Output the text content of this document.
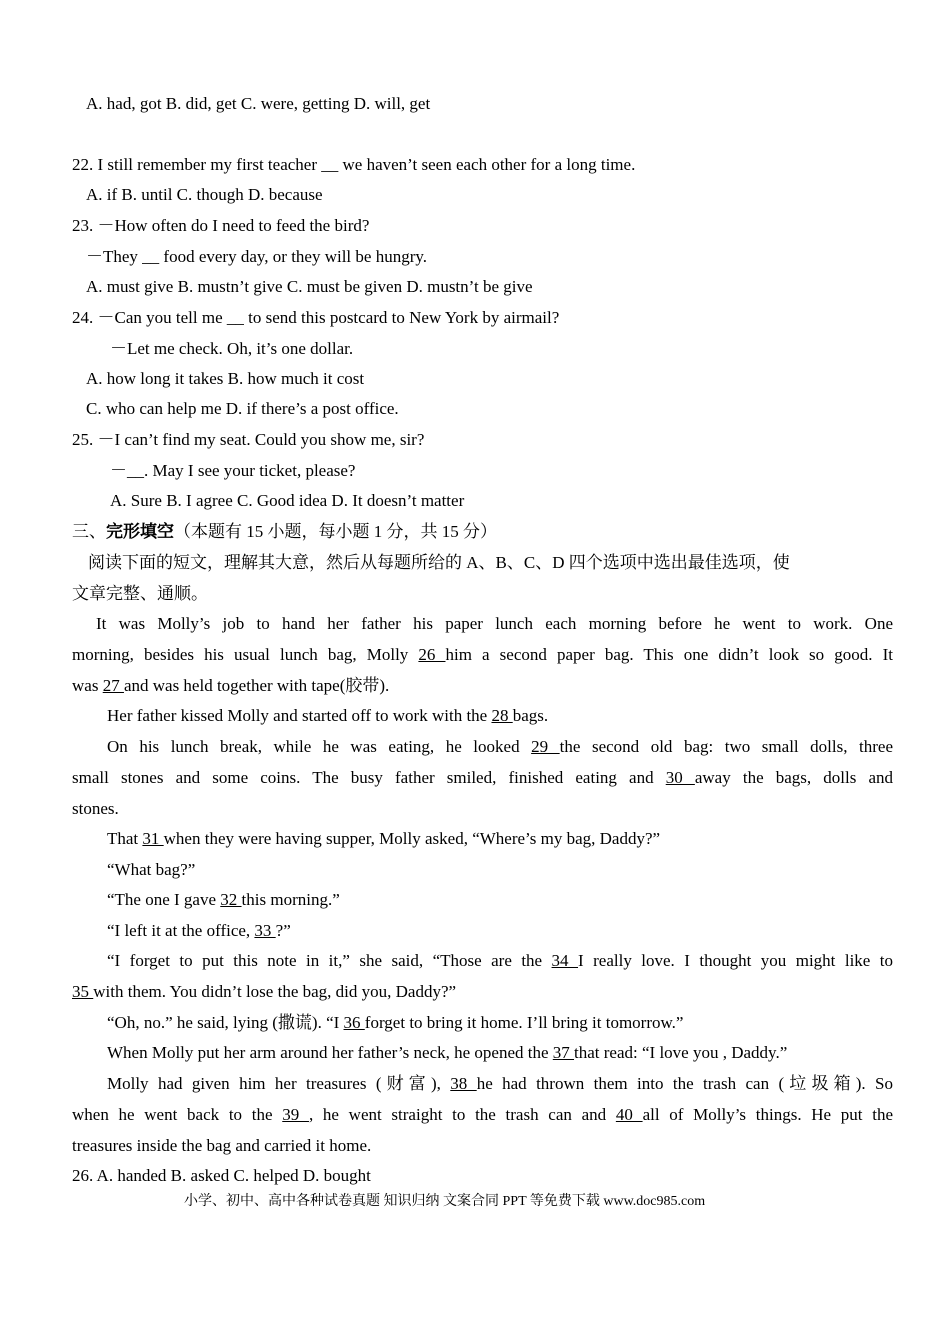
A. had, got B. did, get C. were, getting D. will, get
22. I still remember my first teacher __ we haven’t seen each other for a long time.
A. if B. until C. though D. because
23. －How often do I need to feed the bird?
－They __ food every day, or they will be hungry.
A. must give B. mustn’t give C. must be given D. mustn’t be give
24. －Can you tell me __ to send this postcard to New York by airmail?
－Let me check. Oh, it’s one dollar.
A. how long it takes B. how much it cost
C. who can help me D. if there’s a post office.
25. －I can’t find my seat. Could you show me, sir?
－__. May I see your ticket, please?
A. Sure B. I agree C. Good idea D. It doesn’t matter
三、完形填空（本题有 15 小题，每小题 1 分，共 15 分）
阅读下面的短文，理解其大意，然后从每题所给的 A、B、C、D 四个选项中选出最佳选项，使
文章完整、通顺。
It was Molly’s job to hand her father his paper lunch each morning before he went to work. One
morning, besides his usual lunch bag, Molly 26 him a second paper bag. This one didn’t look so good. It
was 27 and was held together with tape(胶带).
Her father kissed Molly and started off to work with the 28 bags.
On his lunch break, while he was eating, he looked 29 the second old bag: two small dolls, three
small stones and some coins. The busy father smiled, finished eating and 30 away the bags, dolls and
stones.
That 31 when they were having supper, Molly asked, “Where’s my bag, Daddy?”
“What bag?”
“The one I gave 32 this morning.”
“I left it at the office, 33 ?”
“I forget to put this note in it,” she said, “Those are the 34 I really love. I thought you might like to
35 with them. You didn’t lose the bag, did you, Daddy?”
“Oh, no.” he said, lying (撒谎). “I 36 forget to bring it home. I’ll bring it tomorrow.”
When Molly put her arm around her father’s neck, he opened the 37 that read: “I love you , Daddy.”
Molly had given him her treasures (财富), 38 he had thrown them into the trash can (垃圾箱). So
when he went back to the 39 , he went straight to the trash can and 40 all of Molly’s things. He put the
treasures inside the bag and carried it home.
26. A. handed B. asked C. helped D. bought
小学、初中、高中各种试卷真题 知识归纳 文案合同 PPT 等免费下载 www.doc985.com
